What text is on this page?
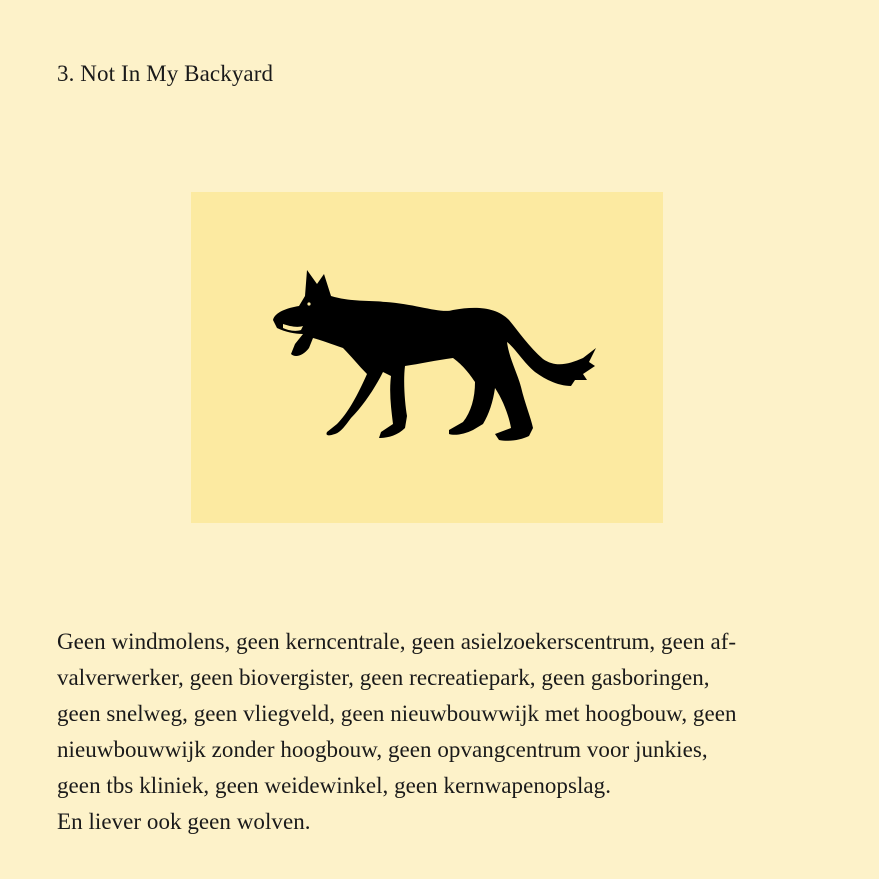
3. Not In My Backyard

Geen windmolens, geen kerncentrale, geen asielzoekerscentrum, geen af-
valverwerker, geen biovergister, geen recreatiepark, geen gasboringen,
geen snelweg, geen vliegveld, geen nieuwbouwwijk met hoogbouw, geen
nieuwbouwwijk zonder hoogbouw, geen opvangcentrum voor junkies,
geen tbs kliniek, geen weidewinkel, geen kernwapenopslag.
En liever ook geen wolven.
